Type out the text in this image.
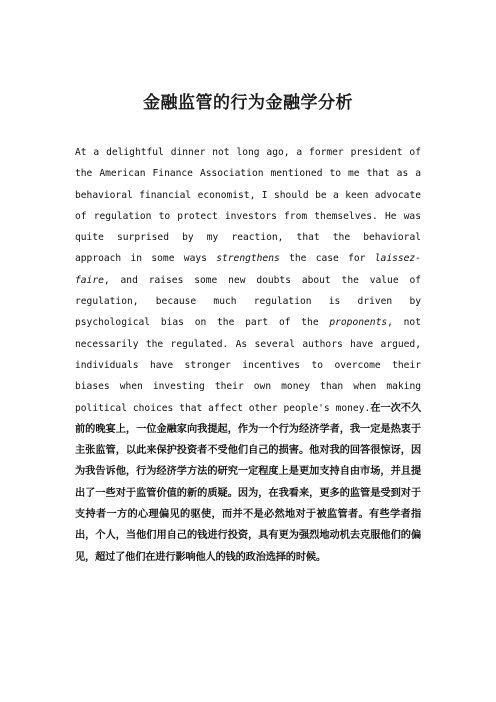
金融监管的行为金融学分析
At a delightful dinner not long ago, a former president of the American Finance Association mentioned to me that as a behavioral financial economist, I should be a keen advocate of regulation to protect investors from themselves. He was quite surprised by my reaction, that the behavioral approach in some ways strengthens the case for laissez-faire, and raises some new doubts about the value of regulation, because much regulation is driven by psychological bias on the part of the proponents, not necessarily the regulated. As several authors have argued, individuals have stronger incentives to overcome their biases when investing their own money than when making political choices that affect other people's money.在一次不久前的晚宴上，一位金融家向我提起，作为一个行为经济学者，我一定是热衷于主张监管，以此来保护投资者不受他们自己的损害。他对我的回答很惊讶，因为我告诉他，行为经济学方法的研究一定程度上是更加支持自由市场，并且提出了一些对于监管价值的新的质疑。因为，在我看来，更多的监管是受到对于支持者一方的心理偏见的驱使，而并不是必然地对于被监管者。有些学者指出，个人，当他们用自己的钱进行投资，具有更为强烈地动机去克服他们的偏见，超过了他们在进行影响他人的钱的政治选择的时候。
